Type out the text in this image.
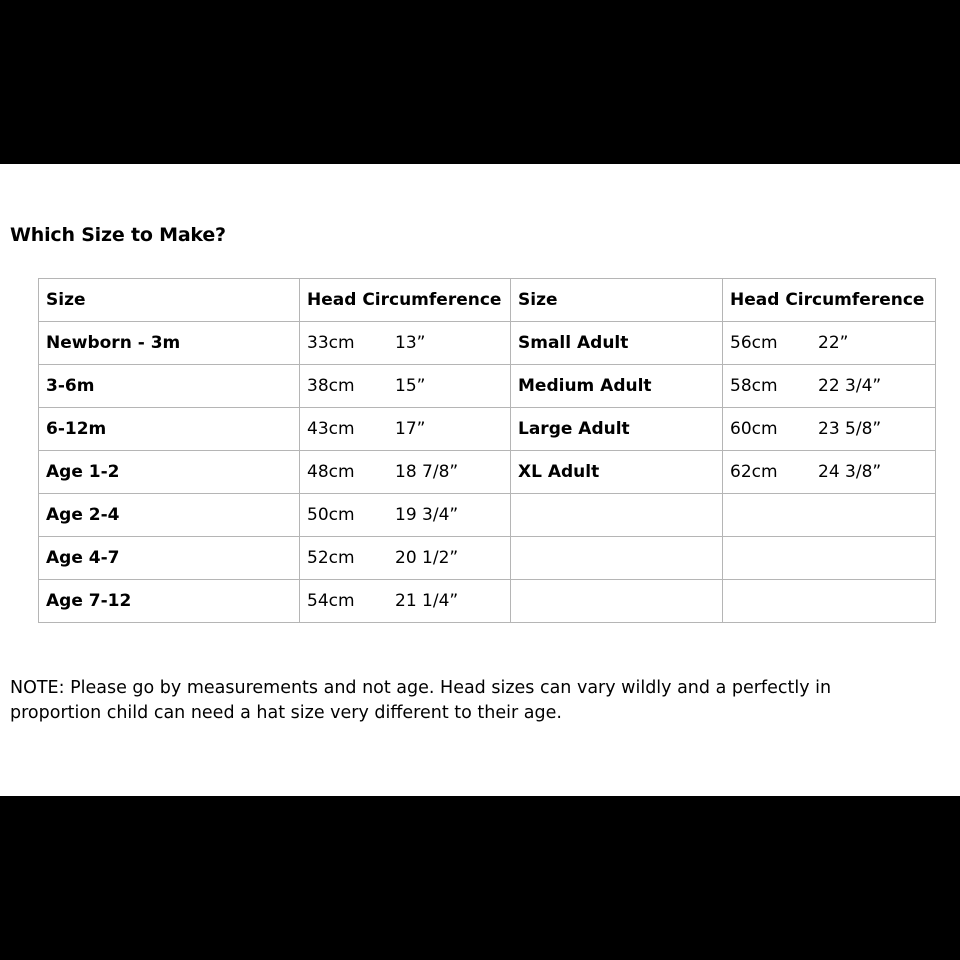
Which Size to Make?
Size	Head Circumference	Size	Head Circumference
Newborn - 3m	33cm 13”	Small Adult	56cm 22”
3-6m	38cm 15”	Medium Adult	58cm 22 3/4”
6-12m	43cm 17”	Large Adult	60cm 23 5/8”
Age 1-2	48cm 18 7/8”	XL Adult	62cm 24 3/8”
Age 2-4	50cm 19 3/4”		
Age 4-7	52cm 20 1/2”		
Age 7-12	54cm 21 1/4”		
NOTE: Please go by measurements and not age. Head sizes can vary wildly and a perfectly in proportion child can need a hat size very different to their age.
